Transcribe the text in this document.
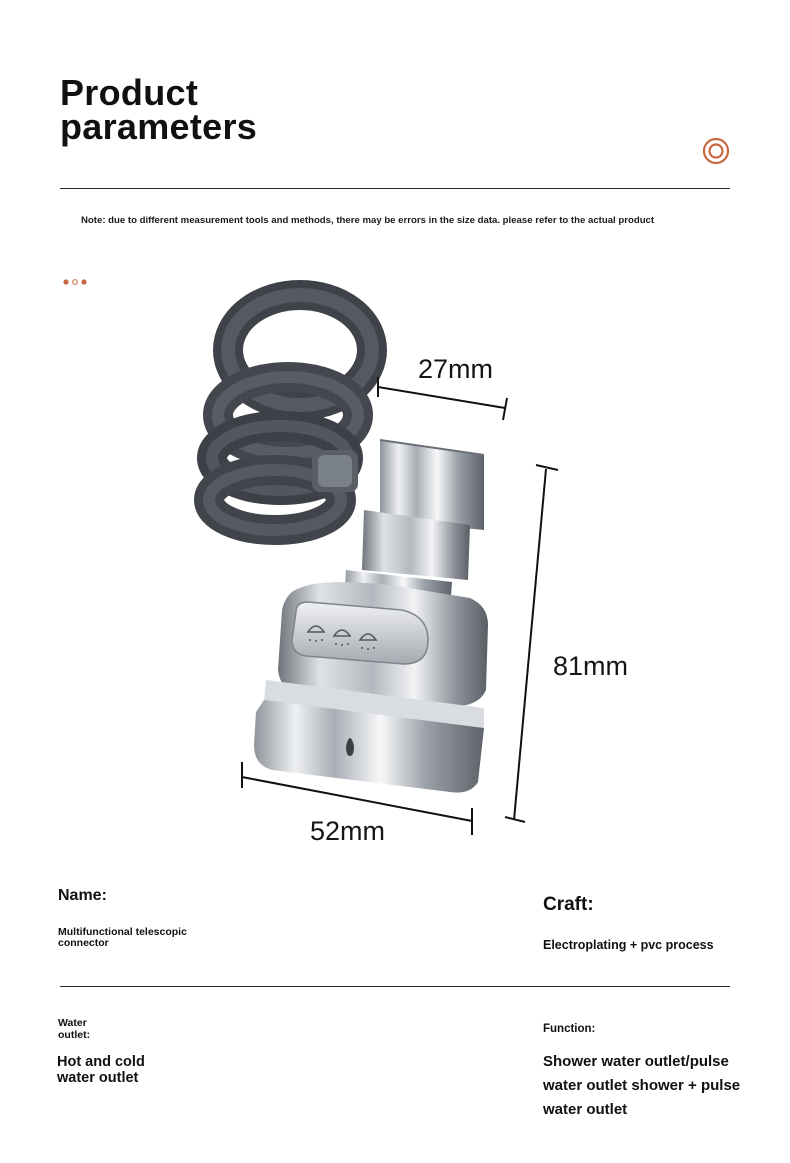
Product
parameters
Note: due to different measurement tools and methods, there may be errors in the size data. please refer to the actual product
27mm
81mm
52mm
Name:
Multifunctional telescopic
connector
Craft:
Electroplating + pvc process
Water
outlet:
Hot and cold
water outlet
Function:
Shower water outlet/pulse
water outlet shower + pulse
water outlet
